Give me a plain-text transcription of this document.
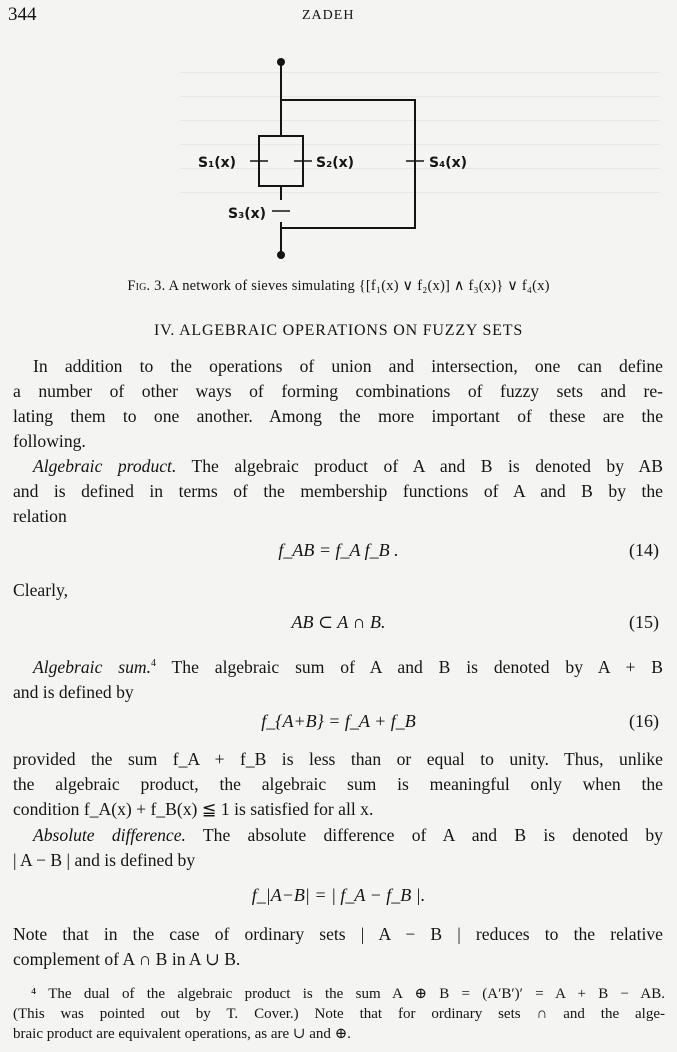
344	ZADEH
S₁(x)	S₂(x)
S₃(x)
S₄(x)
Fig. 3. A network of sieves simulating {[f₁(x) ∨ f₂(x)] ∧ f₃(x)} ∨ f₄(x)
IV. ALGEBRAIC OPERATIONS ON FUZZY SETS
In addition to the operations of union and intersection, one can define
a number of other ways of forming combinations of fuzzy sets and re-
lating them to one another. Among the more important of these are the
following.
Algebraic product. The algebraic product of A and B is denoted by AB
and is defined in terms of the membership functions of A and B by the
relation
f_AB = f_A f_B .	(14)
Clearly,
AB ⊂ A ∩ B.	(15)
Algebraic sum.$^4$ The algebraic sum of A and B is denoted by A + B
and is defined by
f_{A+B} = f_A + f_B	(16)
provided the sum f_A + f_B is less than or equal to unity. Thus, unlike
the algebraic product, the algebraic sum is meaningful only when the
condition f_A(x) + f_B(x) ≦ 1 is satisfied for all x.
Absolute difference. The absolute difference of A and B is denoted by
| A − B | and is defined by
f_|A−B| = | f_A − f_B |.
Note that in the case of ordinary sets | A − B | reduces to the relative
complement of A ∩ B in A ∪ B.
⁴ The dual of the algebraic product is the sum A ⊕ B = (A′B′)′ = A + B − AB.
(This was pointed out by T. Cover.) Note that for ordinary sets ∩ and the alge-
braic product are equivalent operations, as are ∪ and ⊕.
